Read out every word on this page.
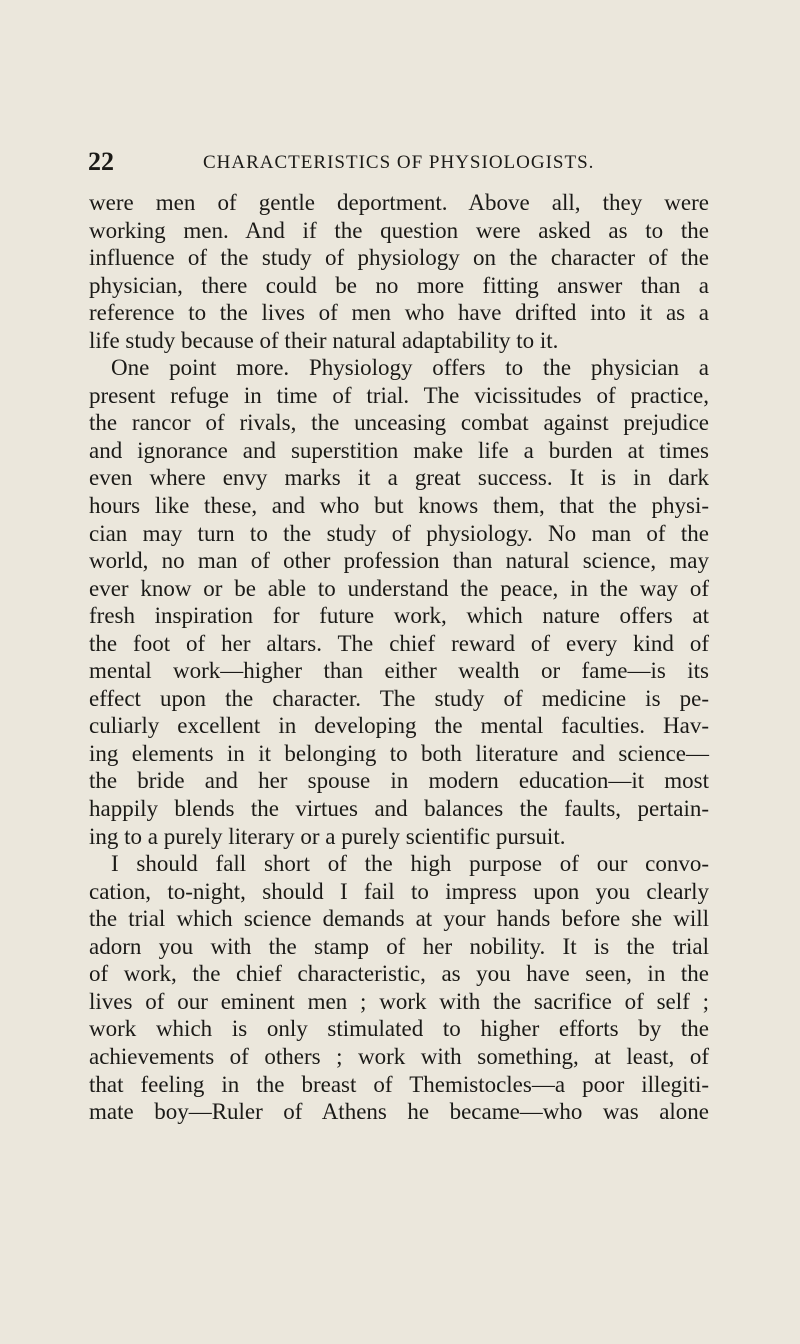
22	CHARACTERISTICS OF PHYSIOLOGISTS.
were men of gentle deportment. Above all, they were
working men. And if the question were asked as to the
influence of the study of physiology on the character of the
physician, there could be no more fitting answer than a
reference to the lives of men who have drifted into it as a
life study because of their natural adaptability to it.
One point more. Physiology offers to the physician a
present refuge in time of trial. The vicissitudes of practice,
the rancor of rivals, the unceasing combat against prejudice
and ignorance and superstition make life a burden at times
even where envy marks it a great success. It is in dark
hours like these, and who but knows them, that the physi-
cian may turn to the study of physiology. No man of the
world, no man of other profession than natural science, may
ever know or be able to understand the peace, in the way of
fresh inspiration for future work, which nature offers at
the foot of her altars. The chief reward of every kind of
mental work—higher than either wealth or fame—is its
effect upon the character. The study of medicine is pe-
culiarly excellent in developing the mental faculties. Hav-
ing elements in it belonging to both literature and science—
the bride and her spouse in modern education—it most
happily blends the virtues and balances the faults, pertain-
ing to a purely literary or a purely scientific pursuit.
I should fall short of the high purpose of our convo-
cation, to-night, should I fail to impress upon you clearly
the trial which science demands at your hands before she will
adorn you with the stamp of her nobility. It is the trial
of work, the chief characteristic, as you have seen, in the
lives of our eminent men ; work with the sacrifice of self ;
work which is only stimulated to higher efforts by the
achievements of others ; work with something, at least, of
that feeling in the breast of Themistocles—a poor illegiti-
mate boy—Ruler of Athens he became—who was alone
